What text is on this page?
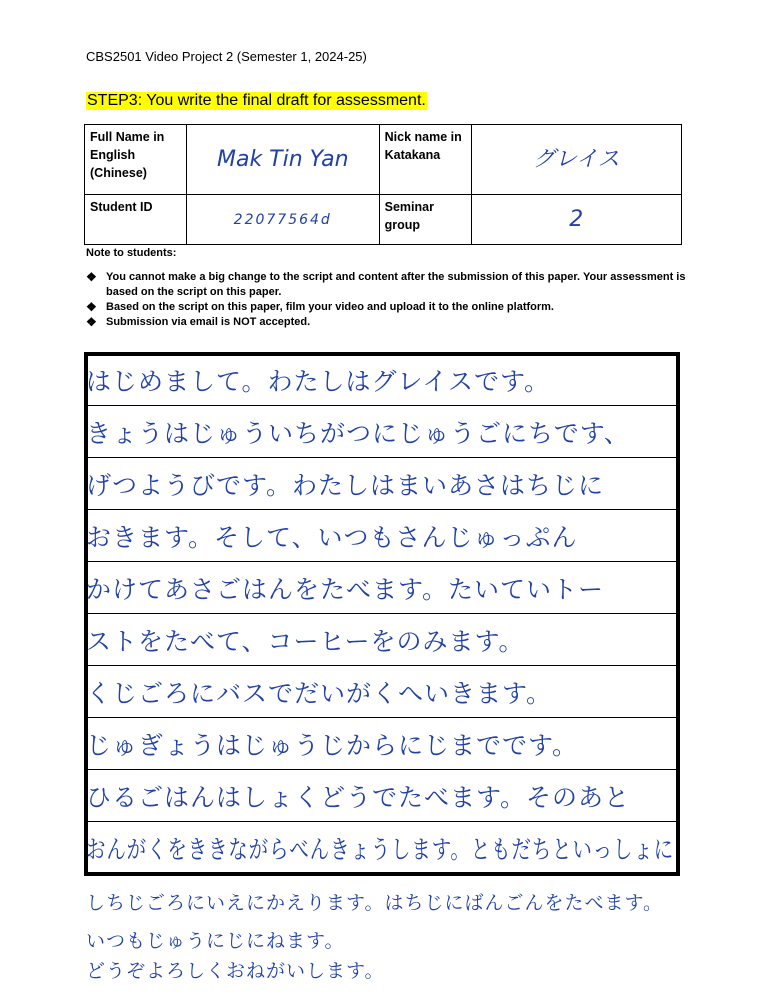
CBS2501 Video Project 2 (Semester 1, 2024-25)
STEP3: You write the final draft for assessment.
Full Name in English (Chinese)	Mak Tin Yan	Nick name in Katakana	グレイス
Student ID	22077564d	Seminar group	2
Note to students:
❖ You cannot make a big change to the script and content after the submission of this paper. Your assessment is based on the script on this paper.
❖ Based on the script on this paper, film your video and upload it to the online platform.
❖ Submission via email is NOT accepted.
はじめまして。わたしはグレイスです。
きょうはじゅういちがつにじゅうごにちです、
げつようびです。わたしはまいあさはちじに
おきます。そして、いつもさんじゅっぷん
かけてあさごはんをたべます。たいていトー
ストをたべて、コーヒーをのみます。
くじごろにバスでだいがくへいきます。
じゅぎょうはじゅうじからにじまでです。
ひるごはんはしょくどうでたべます。そのあと
おんがくをききながらべんきょうします。ともだちといっしょに
しちじごろにいえにかえります。はちじにばんごんをたべます。
いつもじゅうにじにねます。
どうぞよろしくおねがいします。
